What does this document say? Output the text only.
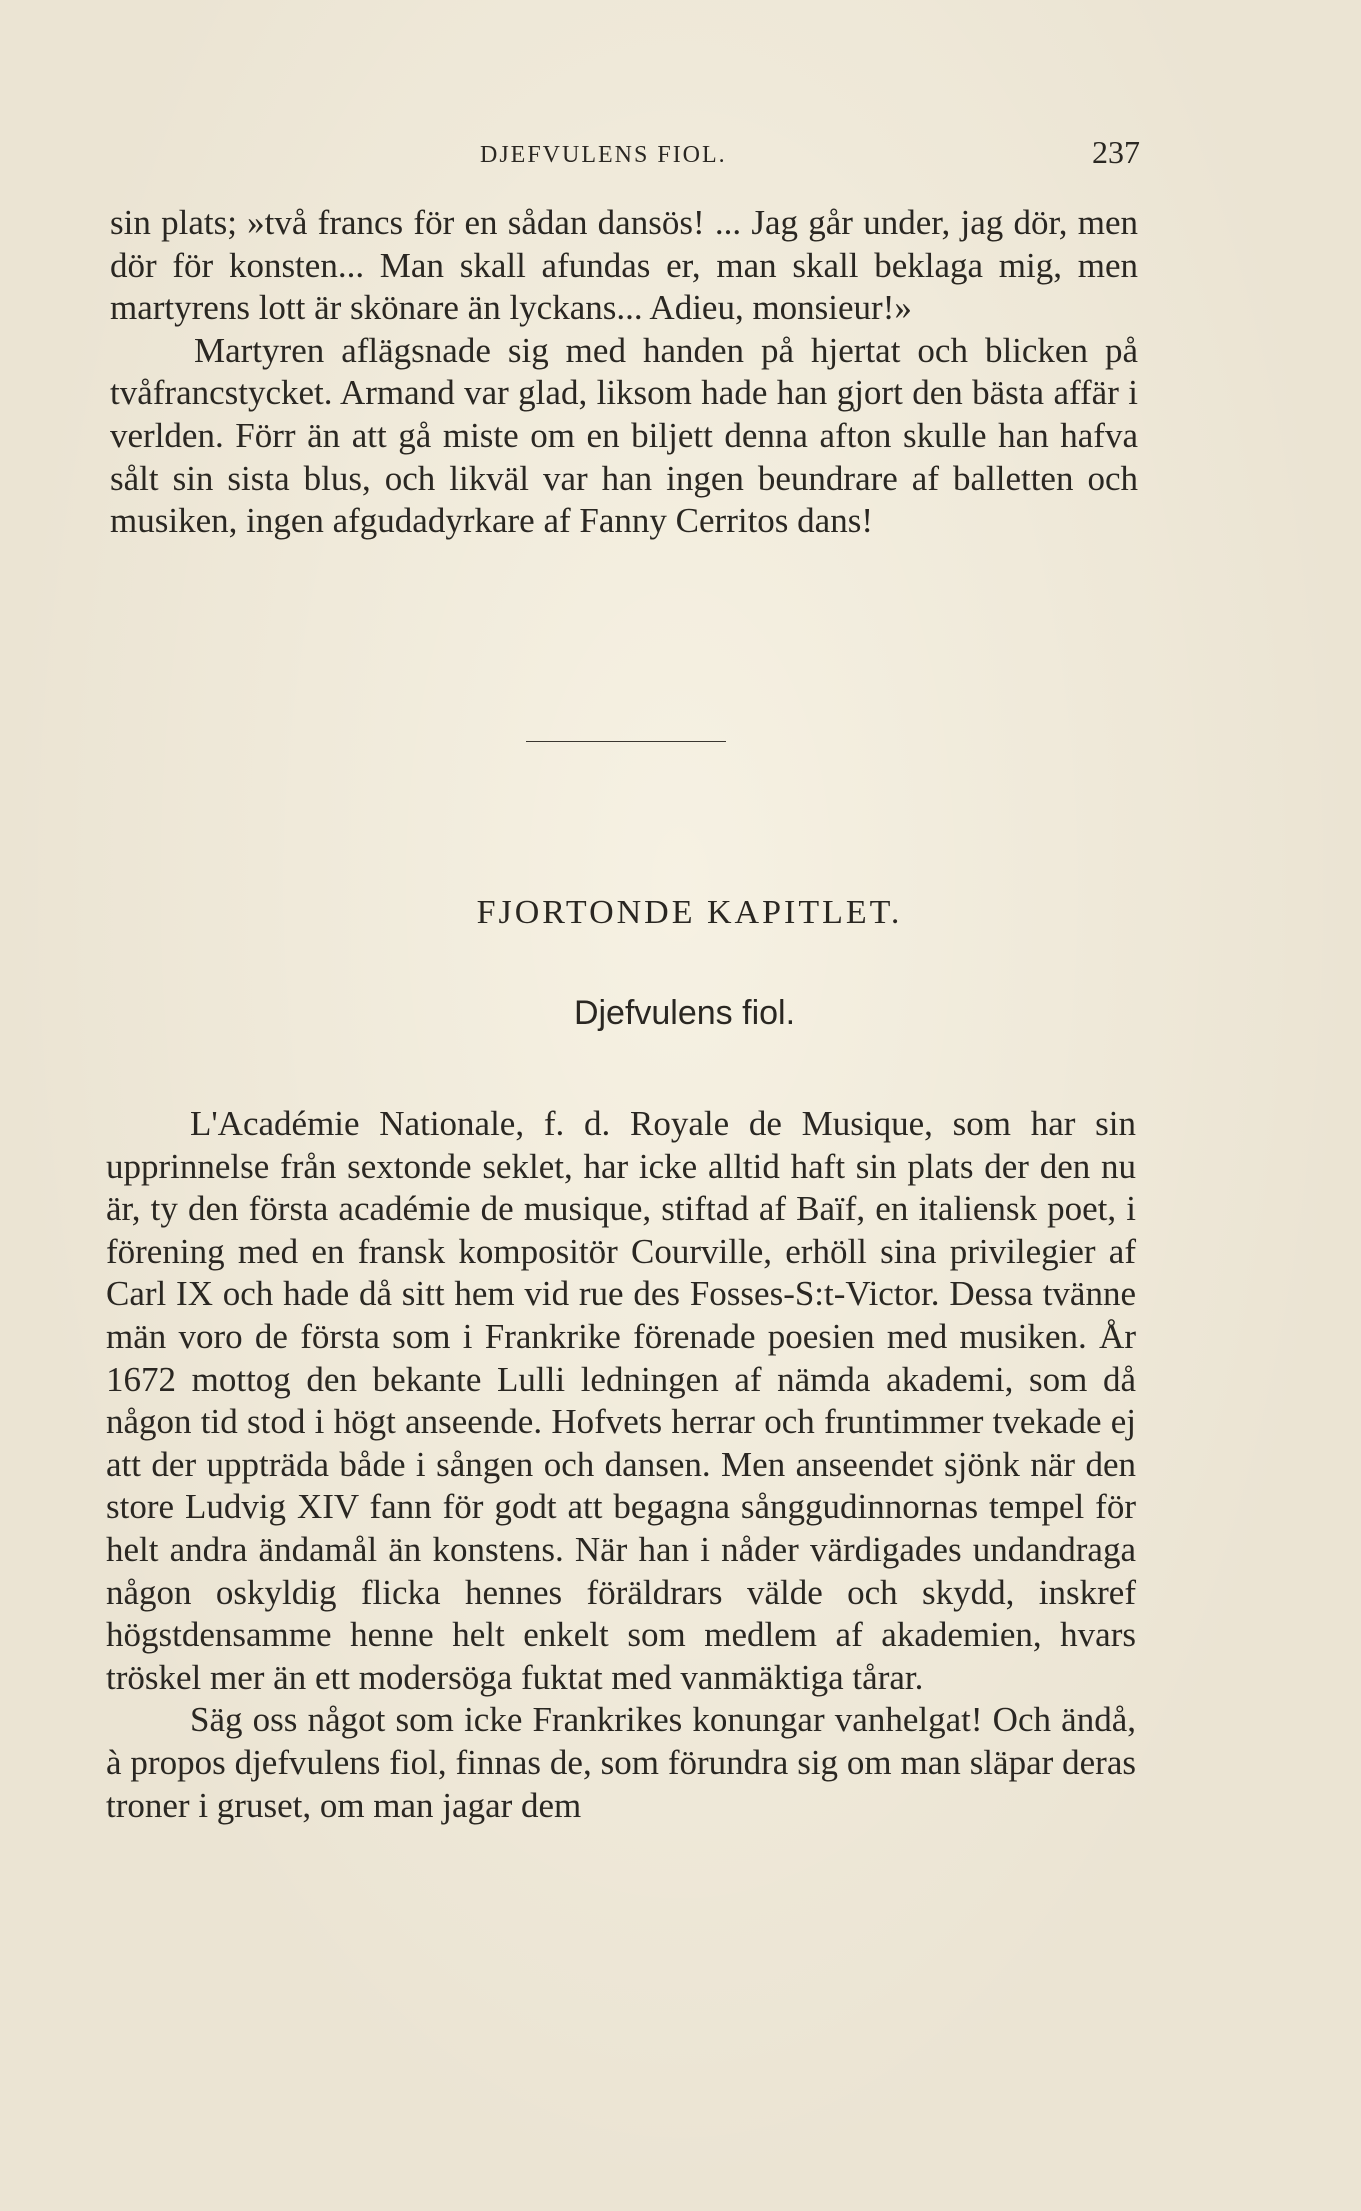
DJEFVULENS FIOL.	237

sin plats; »två francs för en sådan dansös! ... Jag går under, jag dör, men dör för konsten... Man skall afundas er, man skall beklaga mig, men martyrens lott är skönare än lyckans... Adieu, monsieur!»

Martyren aflägsnade sig med handen på hjertat och blicken på tvåfrancstycket. Armand var glad, liksom hade han gjort den bästa affär i verlden. Förr än att gå miste om en biljett denna afton skulle han hafva sålt sin sista blus, och likväl var han ingen beundrare af balletten och musiken, ingen afgudadyrkare af Fanny Cerritos dans!

FJORTONDE KAPITLET.
Djefvulens fiol.

L'Académie Nationale, f. d. Royale de Musique, som har sin upprinnelse från sextonde seklet, har icke alltid haft sin plats der den nu är, ty den första académie de musique, stiftad af Baïf, en italiensk poet, i förening med en fransk kompositör Courville, erhöll sina privilegier af Carl IX och hade då sitt hem vid rue des Fosses-S:t-Victor. Dessa tvänne män voro de första som i Frankrike förenade poesien med musiken. År 1672 mottog den bekante Lulli ledningen af nämda akademi, som då någon tid stod i högt anseende. Hofvets herrar och fruntimmer tvekade ej att der uppträda både i sången och dansen. Men anseendet sjönk när den store Ludvig XIV fann för godt att begagna sånggudinnornas tempel för helt andra ändamål än konstens. När han i nåder värdigades undandraga någon oskyldig flicka hennes föräldrars välde och skydd, inskref högstdensamme henne helt enkelt som medlem af akademien, hvars tröskel mer än ett modersöga fuktat med vanmäktiga tårar.

Säg oss något som icke Frankrikes konungar vanhelgat! Och ändå, à propos djefvulens fiol, finnas de, som förundra sig om man släpar deras troner i gruset, om man jagar dem
